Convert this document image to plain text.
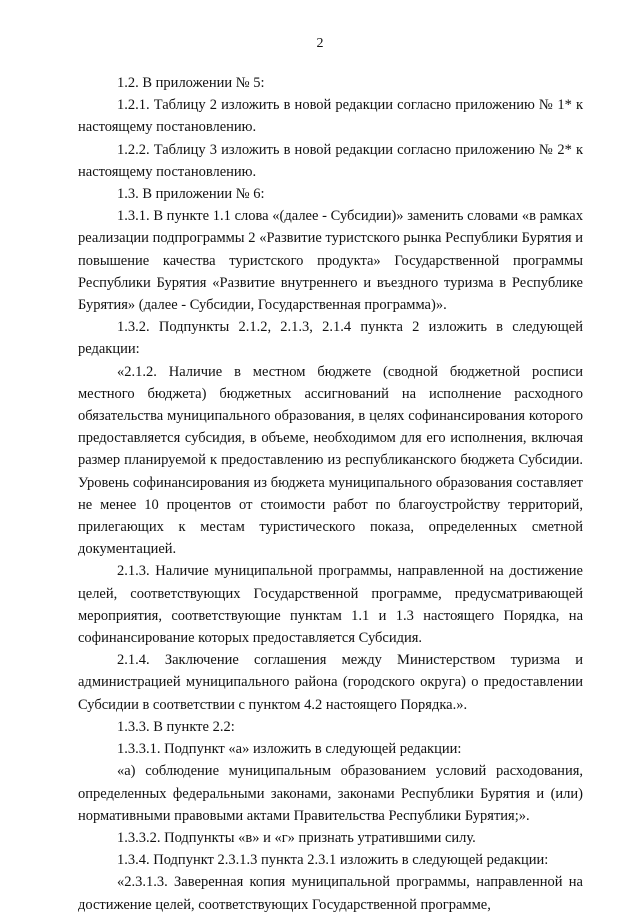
2

1.2. В приложении № 5:

1.2.1. Таблицу 2 изложить в новой редакции согласно приложению № 1* к настоящему постановлению.

1.2.2. Таблицу 3 изложить в новой редакции согласно приложению № 2* к настоящему постановлению.

1.3. В приложении № 6:

1.3.1. В пункте 1.1 слова «(далее - Субсидии)» заменить словами «в рамках реализации подпрограммы 2 «Развитие туристского рынка Республики Бурятия и повышение качества туристского продукта» Государственной программы Республики Бурятия «Развитие внутреннего и въездного туризма в Республике Бурятия» (далее - Субсидии, Государственная программа)».

1.3.2. Подпункты 2.1.2, 2.1.3, 2.1.4 пункта 2 изложить в следующей редакции:

«2.1.2. Наличие в местном бюджете (сводной бюджетной росписи местного бюджета) бюджетных ассигнований на исполнение расходного обязательства муниципального образования, в целях софинансирования которого предоставляется субсидия, в объеме, необходимом для его исполнения, включая размер планируемой к предоставлению из республиканского бюджета Субсидии. Уровень софинансирования из бюджета муниципального образования составляет не менее 10 процентов от стоимости работ по благоустройству территорий, прилегающих к местам туристического показа, определенных сметной документацией.

2.1.3. Наличие муниципальной программы, направленной на достижение целей, соответствующих Государственной программе, предусматривающей мероприятия, соответствующие пунктам 1.1 и 1.3 настоящего Порядка, на софинансирование которых предоставляется Субсидия.

2.1.4. Заключение соглашения между Министерством туризма и администрацией муниципального района (городского округа) о предоставлении Субсидии в соответствии с пунктом 4.2 настоящего Порядка.».

1.3.3. В пункте 2.2:

1.3.3.1. Подпункт «а» изложить в следующей редакции:

«а) соблюдение муниципальным образованием условий расходования, определенных федеральными законами, законами Республики Бурятия и (или) нормативными правовыми актами Правительства Республики Бурятия;».

1.3.3.2. Подпункты «в» и «г» признать утратившими силу.

1.3.4. Подпункт 2.3.1.3 пункта 2.3.1 изложить в следующей редакции:

«2.3.1.3. Заверенная копия муниципальной программы, направленной на достижение целей, соответствующих Государственной программе,
